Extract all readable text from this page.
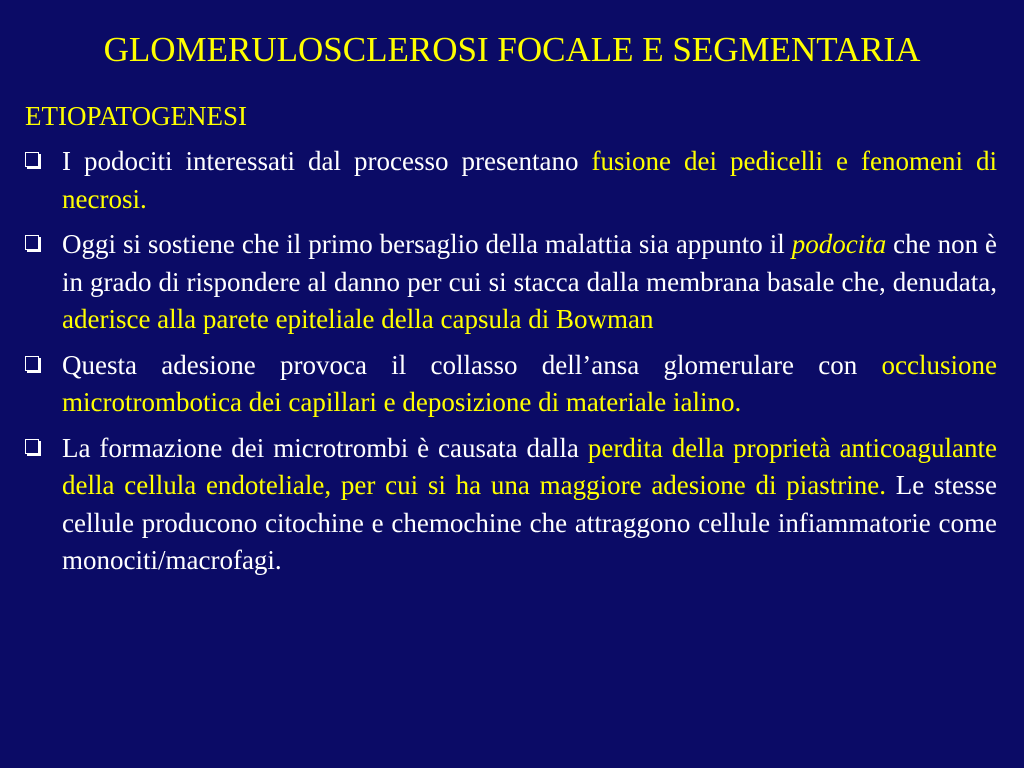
GLOMERULOSCLEROSI FOCALE E SEGMENTARIA
ETIOPATOGENESI
I podociti interessati dal processo presentano fusione dei pedicelli e fenomeni di necrosi.
Oggi si sostiene che il primo bersaglio della malattia sia appunto il podocita che non è in grado di rispondere al danno per cui si stacca dalla membrana basale che, denudata, aderisce alla parete epiteliale della capsula di Bowman
Questa adesione provoca il collasso dell’ansa glomerulare con occlusione microtrombotica dei capillari e deposizione di materiale ialino.
La formazione dei microtrombi è causata dalla perdita della proprietà anticoagulante della cellula endoteliale, per cui si ha una maggiore adesione di piastrine. Le stesse cellule producono citochine e chemochine che attraggono cellule infiammatorie come monociti/macrofagi.
